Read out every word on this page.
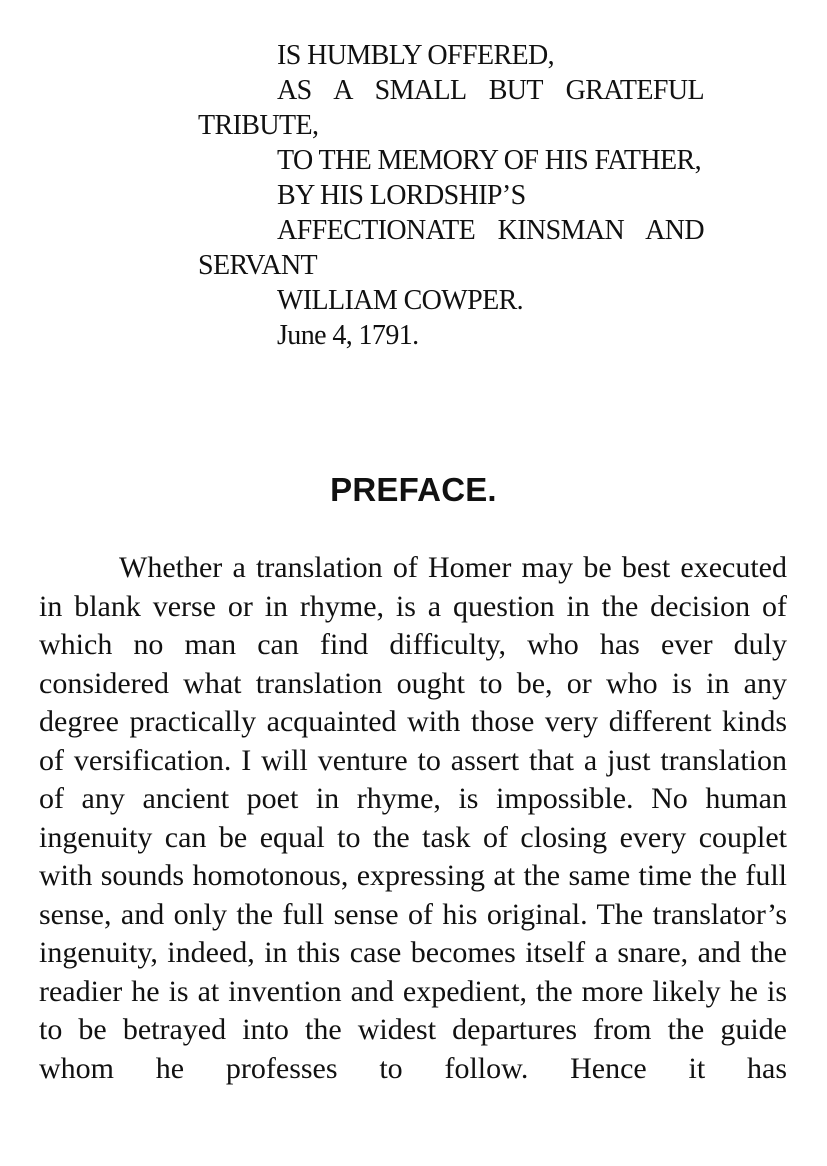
IS HUMBLY OFFERED,
AS A SMALL BUT GRATEFUL TRIBUTE,
TO THE MEMORY OF HIS FATHER,
BY HIS LORDSHIP’S
AFFECTIONATE KINSMAN AND SERVANT
WILLIAM COWPER.
June 4, 1791.
PREFACE.
Whether a translation of Homer may be best executed in blank verse or in rhyme, is a question in the decision of which no man can find difficulty, who has ever duly considered what translation ought to be, or who is in any degree practically acquainted with those very different kinds of versification. I will venture to assert that a just translation of any ancient poet in rhyme, is impossible. No human ingenuity can be equal to the task of closing every couplet with sounds homotonous, expressing at the same time the full sense, and only the full sense of his original. The translator’s ingenuity, indeed, in this case becomes itself a snare, and the readier he is at invention and expedient, the more likely he is to be betrayed into the widest departures from the guide whom he professes to follow. Hence it has
